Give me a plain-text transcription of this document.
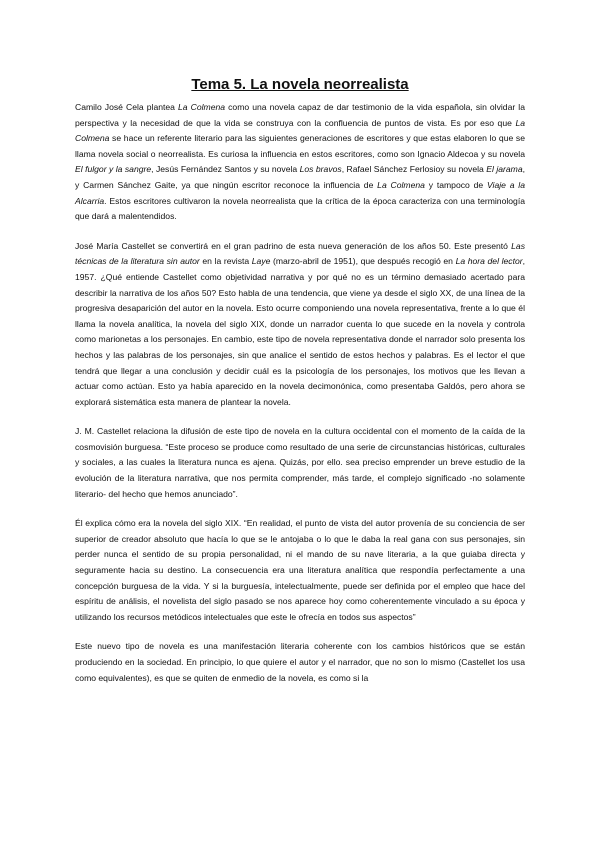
Tema 5. La novela neorrealista

Camilo José Cela plantea La Colmena como una novela capaz de dar testimonio de la vida española, sin olvidar la perspectiva y la necesidad de que la vida se construya con la confluencia de puntos de vista. Es por eso que La Colmena se hace un referente literario para las siguientes generaciones de escritores y que estas elaboren lo que se llama novela social o neorrealista. Es curiosa la influencia en estos escritores, como son Ignacio Aldecoa y su novela El fulgor y la sangre, Jesús Fernández Santos y su novela Los bravos, Rafael Sánchez Ferlosioy su novela El jarama, y Carmen Sánchez Gaite, ya que ningún escritor reconoce la influencia de La Colmena y tampoco de Viaje a la Alcarria. Estos escritores cultivaron la novela neorrealista que la crítica de la época caracteriza con una terminología que dará a malentendidos.

José María Castellet se convertirá en el gran padrino de esta nueva generación de los años 50. Este presentó Las técnicas de la literatura sin autor en la revista Laye (marzo-abril de 1951), que después recogió en La hora del lector, 1957. ¿Qué entiende Castellet como objetividad narrativa y por qué no es un término demasiado acertado para describir la narrativa de los años 50? Esto habla de una tendencia, que viene ya desde el siglo XX, de una línea de la progresiva desaparición del autor en la novela. Esto ocurre componiendo una novela representativa, frente a lo que él llama la novela analítica, la novela del siglo XIX, donde un narrador cuenta lo que sucede en la novela y controla como marionetas a los personajes. En cambio, este tipo de novela representativa donde el narrador solo presenta los hechos y las palabras de los personajes, sin que analice el sentido de estos hechos y palabras. Es el lector el que tendrá que llegar a una conclusión y decidir cuál es la psicología de los personajes, los motivos que les llevan a actuar como actúan. Esto ya había aparecido en la novela decimonónica, como presentaba Galdós, pero ahora se explorará sistemática esta manera de plantear la novela.

J. M. Castellet relaciona la difusión de este tipo de novela en la cultura occidental con el momento de la caída de la cosmovisión burguesa. “Este proceso se produce como resultado de una serie de circunstancias históricas, culturales y sociales, a las cuales la literatura nunca es ajena. Quizás, por ello. sea preciso emprender un breve estudio de la evolución de la literatura narrativa, que nos permita comprender, más tarde, el complejo significado -no solamente literario- del hecho que hemos anunciado”.

Él explica cómo era la novela del siglo XIX. “En realidad, el punto de vista del autor provenía de su conciencia de ser superior de creador absoluto que hacía lo que se le antojaba o lo que le daba la real gana con sus personajes, sin perder nunca el sentido de su propia personalidad, ni el mando de su nave literaria, a la que guiaba directa y seguramente hacia su destino. La consecuencia era una literatura analítica que respondía perfectamente a una concepción burguesa de la vida. Y si la burguesía, intelectualmente, puede ser definida por el empleo que hace del espíritu de análisis, el novelista del siglo pasado se nos aparece hoy como coherentemente vinculado a su época y utilizando los recursos metódicos intelectuales que este le ofrecía en todos sus aspectos”

Este nuevo tipo de novela es una manifestación literaria coherente con los cambios históricos que se están produciendo en la sociedad. En principio, lo que quiere el autor y el narrador, que no son lo mismo (Castellet los usa como equivalentes), es que se quiten de enmedio de la novela, es como si la
